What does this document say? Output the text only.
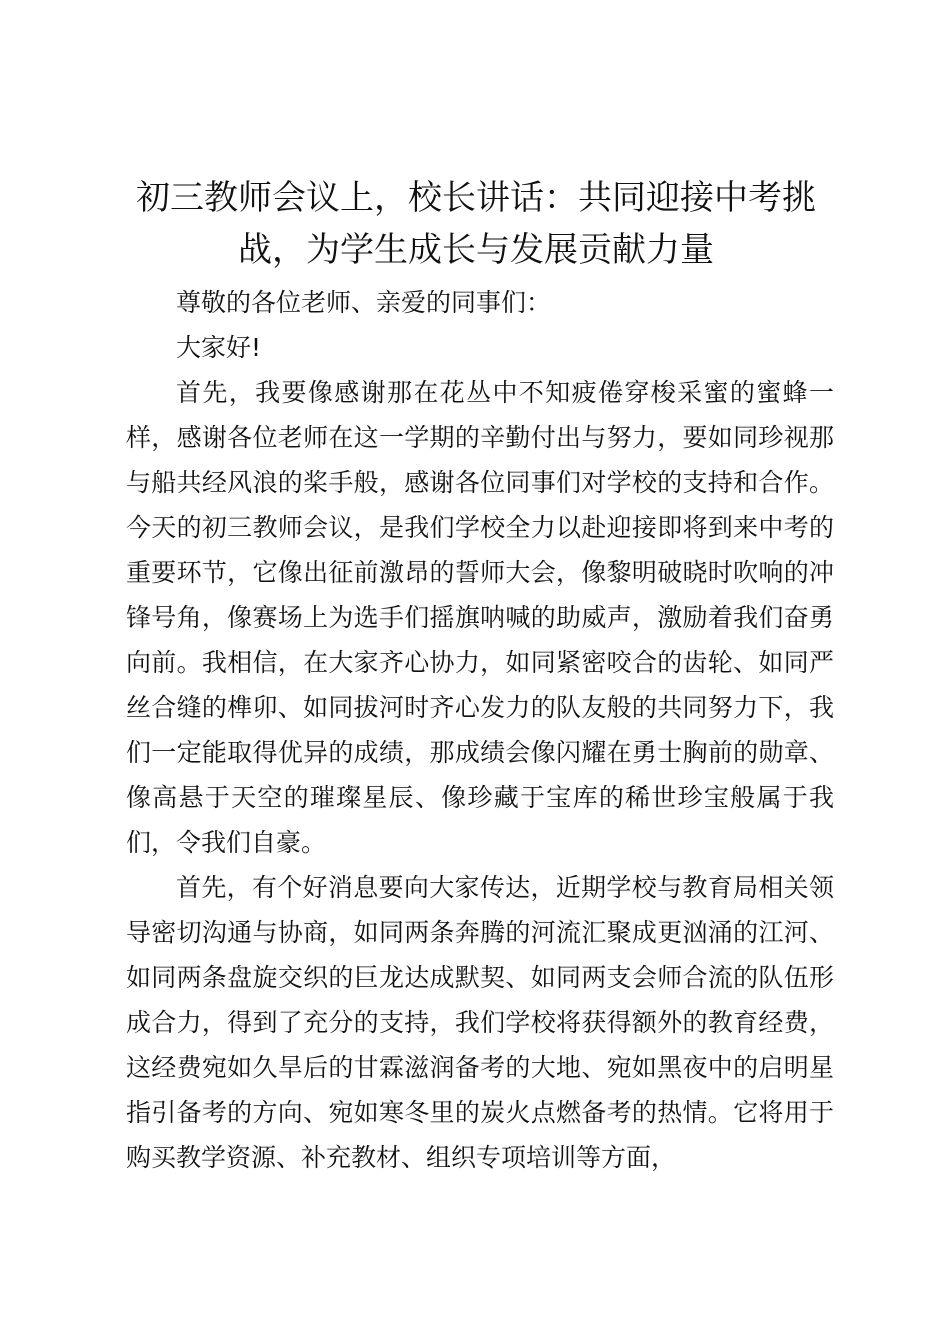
初三教师会议上，校长讲话：共同迎接中考挑战，为学生成长与发展贡献力量

尊敬的各位老师、亲爱的同事们：

大家好!

首先，我要像感谢那在花丛中不知疲倦穿梭采蜜的蜜蜂一样，感谢各位老师在这一学期的辛勤付出与努力，要如同珍视那与船共经风浪的桨手般，感谢各位同事们对学校的支持和合作。今天的初三教师会议，是我们学校全力以赴迎接即将到来中考的重要环节，它像出征前激昂的誓师大会，像黎明破晓时吹响的冲锋号角，像赛场上为选手们摇旗呐喊的助威声，激励着我们奋勇向前。我相信，在大家齐心协力，如同紧密咬合的齿轮、如同严丝合缝的榫卯、如同拔河时齐心发力的队友般的共同努力下，我们一定能取得优异的成绩，那成绩会像闪耀在勇士胸前的勋章、像高悬于天空的璀璨星辰、像珍藏于宝库的稀世珍宝般属于我们，令我们自豪。

首先，有个好消息要向大家传达，近期学校与教育局相关领导密切沟通与协商，如同两条奔腾的河流汇聚成更汹涌的江河、如同两条盘旋交织的巨龙达成默契、如同两支会师合流的队伍形成合力，得到了充分的支持，我们学校将获得额外的教育经费，这经费宛如久旱后的甘霖滋润备考的大地、宛如黑夜中的启明星指引备考的方向、宛如寒冬里的炭火点燃备考的热情。它将用于购买教学资源、补充教材、组织专项培训等方面，
